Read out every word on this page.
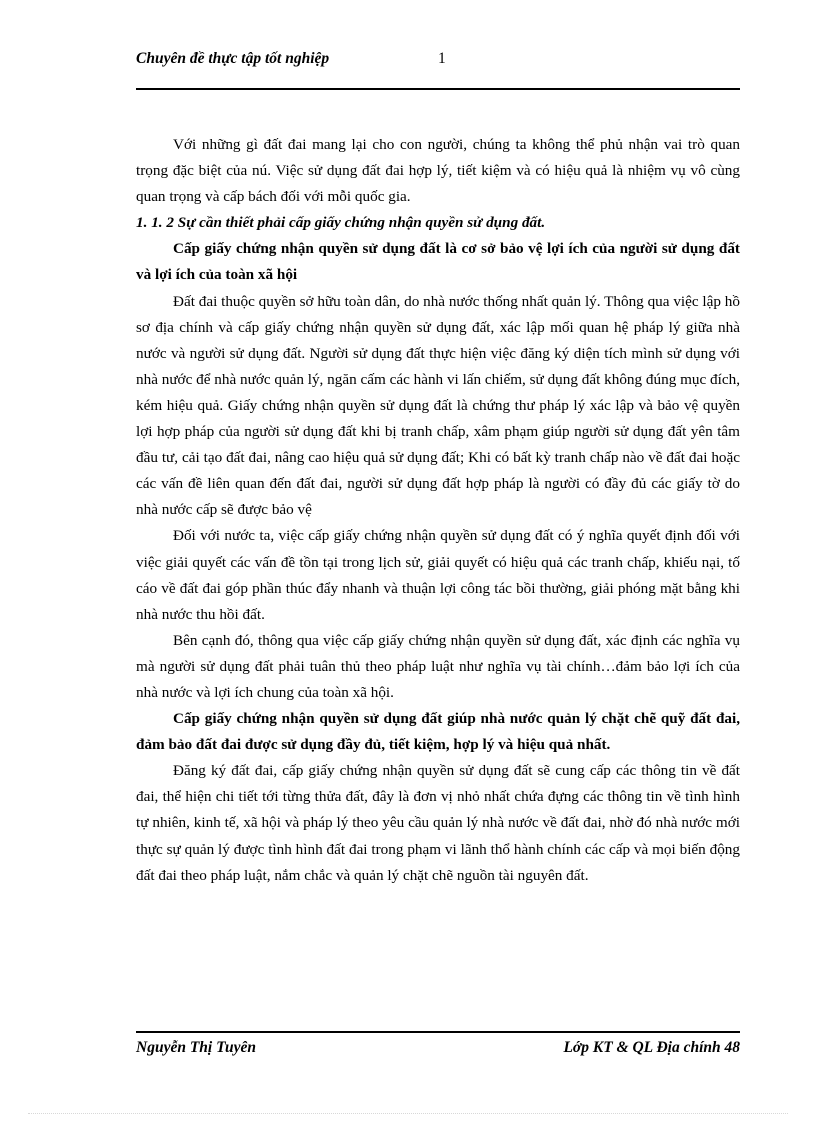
Chuyên đề thực tập tốt nghiệp	1

Với những gì đất đai mang lại cho con người, chúng ta không thể phủ nhận vai trò quan trọng đặc biệt của nú. Việc sử dụng đất đai hợp lý, tiết kiệm và có hiệu quả là nhiệm vụ vô cùng quan trọng và cấp bách đối với mỗi quốc gia.

1. 1. 2 Sự cần thiết phải cấp giấy chứng nhận quyền sử dụng đất.

Cấp giấy chứng nhận quyền sử dụng đất là cơ sở bảo vệ lợi ích của người sử dụng đất và lợi ích của toàn xã hội

Đất đai thuộc quyền sở hữu toàn dân, do nhà nước thống nhất quản lý. Thông qua việc lập hồ sơ địa chính và cấp giấy chứng nhận quyền sử dụng đất, xác lập mối quan hệ pháp lý giữa nhà nước và người sử dụng đất. Người sử dụng đất thực hiện việc đăng ký diện tích mình sử dụng với nhà nước để nhà nước quản lý, ngăn cấm các hành vi lấn chiếm, sử dụng đất không đúng mục đích, kém hiệu quả. Giấy chứng nhận quyền sử dụng đất là chứng thư pháp lý xác lập và bảo vệ quyền lợi hợp pháp của người sử dụng đất khi bị tranh chấp, xâm phạm giúp người sử dụng đất yên tâm đầu tư, cải tạo đất đai, nâng cao hiệu quả sử dụng đất; Khi có bất kỳ tranh chấp nào về đất đai hoặc các vấn đề liên quan đến đất đai, người sử dụng đất hợp pháp là người có đầy đủ các giấy tờ do nhà nước cấp sẽ được bảo vệ

Đối với nước ta, việc cấp giấy chứng nhận quyền sử dụng đất có ý nghĩa quyết định đối với việc giải quyết các vấn đề tồn tại trong lịch sử, giải quyết có hiệu quả các tranh chấp, khiếu nại, tố cáo về đất đai góp phần thúc đẩy nhanh và thuận lợi công tác bồi thường, giải phóng mặt bằng khi nhà nước thu hồi đất.

Bên cạnh đó, thông qua việc cấp giấy chứng nhận quyền sử dụng đất, xác định các nghĩa vụ mà người sử dụng đất phải tuân thủ theo pháp luật như nghĩa vụ tài chính…đảm bảo lợi ích của nhà nước và lợi ích chung của toàn xã hội.

Cấp giấy chứng nhận quyền sử dụng đất giúp nhà nước quản lý chặt chẽ quỹ đất đai, đảm bảo đất đai được sử dụng đầy đủ, tiết kiệm, hợp lý và hiệu quả nhất.

Đăng ký đất đai, cấp giấy chứng nhận quyền sử dụng đất sẽ cung cấp các thông tin về đất đai, thể hiện chi tiết tới từng thửa đất, đây là đơn vị nhỏ nhất chứa đựng các thông tin về tình hình tự nhiên, kinh tế, xã hội và pháp lý theo yêu cầu quản lý nhà nước về đất đai, nhờ đó nhà nước mới thực sự quản lý được tình hình đất đai trong phạm vi lãnh thổ hành chính các cấp và mọi biến động đất đai theo pháp luật, nắm chắc và quản lý chặt chẽ nguồn tài nguyên đất.

Nguyễn Thị Tuyên	Lớp KT & QL Địa chính 48
